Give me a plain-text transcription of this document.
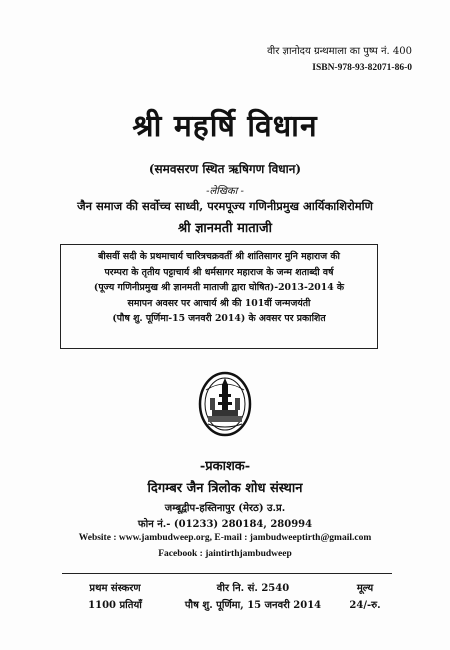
वीर ज्ञानोदय ग्रन्थमाला का पुष्प नं. 400
ISBN-978-93-82071-86-0
श्री महर्षि विधान
(समवसरण स्थित ऋषिगण विधान)
-लेखिका -
जैन समाज की सर्वोच्च साध्वी, परमपूज्य गणिनीप्रमुख आर्यिकाशिरोमणि
श्री ज्ञानमती माताजी
बीसवीं सदी के प्रथमाचार्य चारित्रचक्रवर्ती श्री शांतिसागर मुनि महाराज की
परम्परा के तृतीय पट्टाचार्य श्री धर्मसागर महाराज के जन्म शताब्दी वर्ष
(पूज्य गणिनीप्रमुख श्री ज्ञानमती माताजी द्वारा घोषित)-2013-2014 के
समापन अवसर पर आचार्य श्री की 101वीं जन्मजयंती
(पौष शु. पूर्णिमा-15 जनवरी 2014) के अवसर पर प्रकाशित
-प्रकाशक-
दिगम्बर जैन त्रिलोक शोध संस्थान
जम्बूद्वीप-हस्तिनापुर (मेरठ) उ.प्र.
फोन नं.- (01233) 280184, 280994
Website : www.jambudweep.org, E-mail : jambudweeptirth@gmail.com
Facebook : jaintirthjambudweep
प्रथम संस्करण	वीर नि. सं. 2540	मूल्य
1100 प्रतियाँ	पौष शु. पूर्णिमा, 15 जनवरी 2014	24/-रु.
